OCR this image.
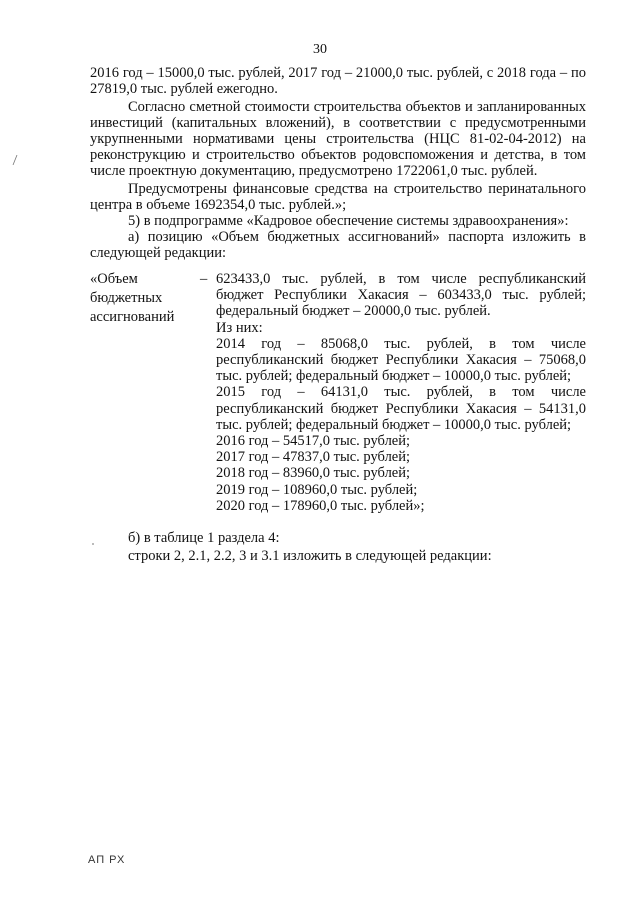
30

2016 год – 15000,0 тыс. рублей, 2017 год – 21000,0 тыс. рублей, с 2018 года – по 27819,0 тыс. рублей ежегодно.

Согласно сметной стоимости строительства объектов и запланированных инвестиций (капитальных вложений), в соответствии с предусмотренными укрупненными нормативами цены строительства (НЦС 81-02-04-2012) на реконструкцию и строительство объектов родовспоможения и детства, в том числе проектную документацию, предусмотрено 1722061,0 тыс. рублей.

Предусмотрены финансовые средства на строительство перинатального центра в объеме 1692354,0 тыс. рублей.»;

5) в подпрограмме «Кадровое обеспечение системы здравоохранения»:

а) позицию «Объем бюджетных ассигнований» паспорта изложить в следующей редакции:

«Объем
бюджетных
ассигнований
– 623433,0 тыс. рублей, в том числе республиканский бюджет Республики Хакасия – 603433,0 тыс. рублей; федеральный бюджет – 20000,0 тыс. рублей.

Из них:

2014 год – 85068,0 тыс. рублей, в том числе республиканский бюджет Республики Хакасия – 75068,0 тыс. рублей; федеральный бюджет – 10000,0 тыс. рублей;

2015 год – 64131,0 тыс. рублей, в том числе республиканский бюджет Республики Хакасия – 54131,0 тыс. рублей; федеральный бюджет – 10000,0 тыс. рублей;

2016 год – 54517,0 тыс. рублей;

2017 год – 47837,0 тыс. рублей;

2018 год – 83960,0 тыс. рублей;

2019 год – 108960,0 тыс. рублей;

2020 год – 178960,0 тыс. рублей»;

б) в таблице 1 раздела 4:

строки 2, 2.1, 2.2, 3 и 3.1 изложить в следующей редакции:

АП РХ
